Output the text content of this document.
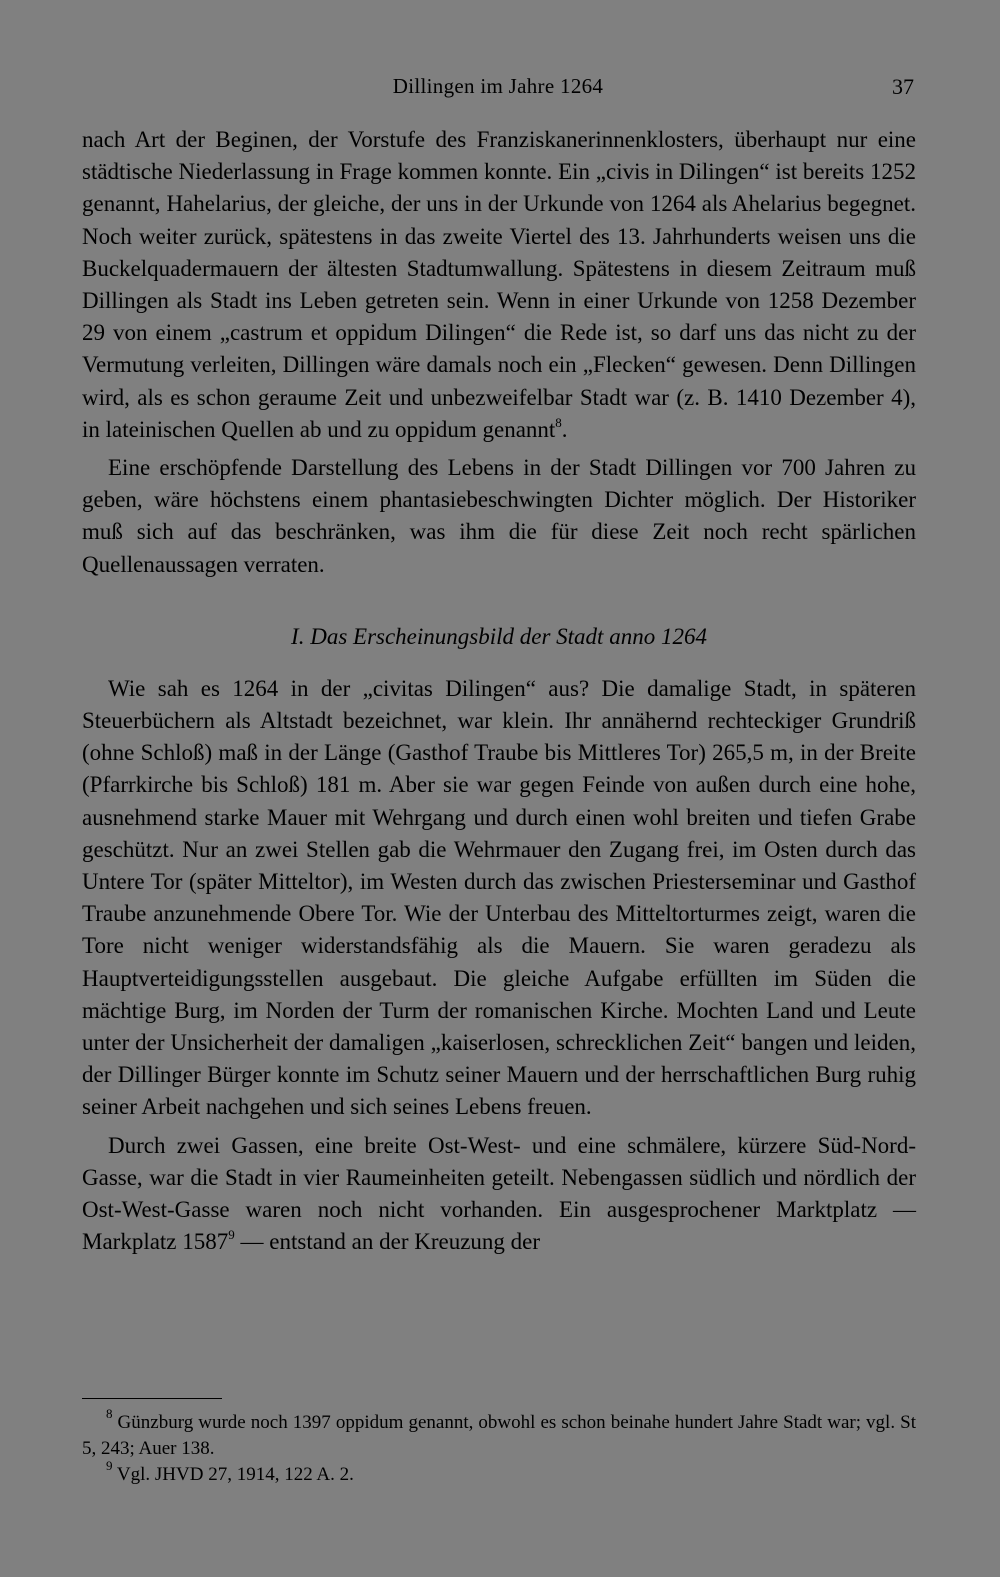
Dillingen im Jahre 1264	37

nach Art der Beginen, der Vorstufe des Franziskanerinnenklosters, überhaupt nur eine städtische Niederlassung in Frage kommen konnte. Ein „civis in Dilingen“ ist bereits 1252 genannt, Hahelarius, der gleiche, der uns in der Urkunde von 1264 als Ahelarius begegnet. Noch weiter zurück, spätestens in das zweite Viertel des 13. Jahrhunderts weisen uns die Buckelquadermauern der ältesten Stadtumwallung. Spätestens in diesem Zeitraum muß Dillingen als Stadt ins Leben getreten sein. Wenn in einer Urkunde von 1258 Dezember 29 von einem „castrum et oppidum Dilingen“ die Rede ist, so darf uns das nicht zu der Vermutung verleiten, Dillingen wäre damals noch ein „Flecken“ gewesen. Denn Dillingen wird, als es schon geraume Zeit und unbezweifelbar Stadt war (z. B. 1410 Dezember 4), in lateinischen Quellen ab und zu oppidum genannt$^8$.

Eine erschöpfende Darstellung des Lebens in der Stadt Dillingen vor 700 Jahren zu geben, wäre höchstens einem phantasiebeschwingten Dichter möglich. Der Historiker muß sich auf das beschränken, was ihm die für diese Zeit noch recht spärlichen Quellenaussagen verraten.

I. Das Erscheinungsbild der Stadt anno 1264

Wie sah es 1264 in der „civitas Dilingen“ aus? Die damalige Stadt, in späteren Steuerbüchern als Altstadt bezeichnet, war klein. Ihr annähernd rechteckiger Grundriß (ohne Schloß) maß in der Länge (Gasthof Traube bis Mittleres Tor) 265,5 m, in der Breite (Pfarrkirche bis Schloß) 181 m. Aber sie war gegen Feinde von außen durch eine hohe, ausnehmend starke Mauer mit Wehrgang und durch einen wohl breiten und tiefen Grabe geschützt. Nur an zwei Stellen gab die Wehrmauer den Zugang frei, im Osten durch das Untere Tor (später Mitteltor), im Westen durch das zwischen Priesterseminar und Gasthof Traube anzunehmende Obere Tor. Wie der Unterbau des Mitteltorturmes zeigt, waren die Tore nicht weniger widerstandsfähig als die Mauern. Sie waren geradezu als Hauptverteidigungsstellen ausgebaut. Die gleiche Aufgabe erfüllten im Süden die mächtige Burg, im Norden der Turm der romanischen Kirche. Mochten Land und Leute unter der Unsicherheit der damaligen „kaiserlosen, schrecklichen Zeit“ bangen und leiden, der Dillinger Bürger konnte im Schutz seiner Mauern und der herrschaftlichen Burg ruhig seiner Arbeit nachgehen und sich seines Lebens freuen.

Durch zwei Gassen, eine breite Ost-West- und eine schmälere, kürzere Süd-Nord-Gasse, war die Stadt in vier Raumeinheiten geteilt. Nebengassen südlich und nördlich der Ost-West-Gasse waren noch nicht vorhanden. Ein ausgesprochener Marktplatz — Markplatz 1587$^9$ — entstand an der Kreuzung der

$^8$ Günzburg wurde noch 1397 oppidum genannt, obwohl es schon beinahe hundert Jahre Stadt war; vgl. St 5, 243; Auer 138.

$^9$ Vgl. JHVD 27, 1914, 122 A. 2.
